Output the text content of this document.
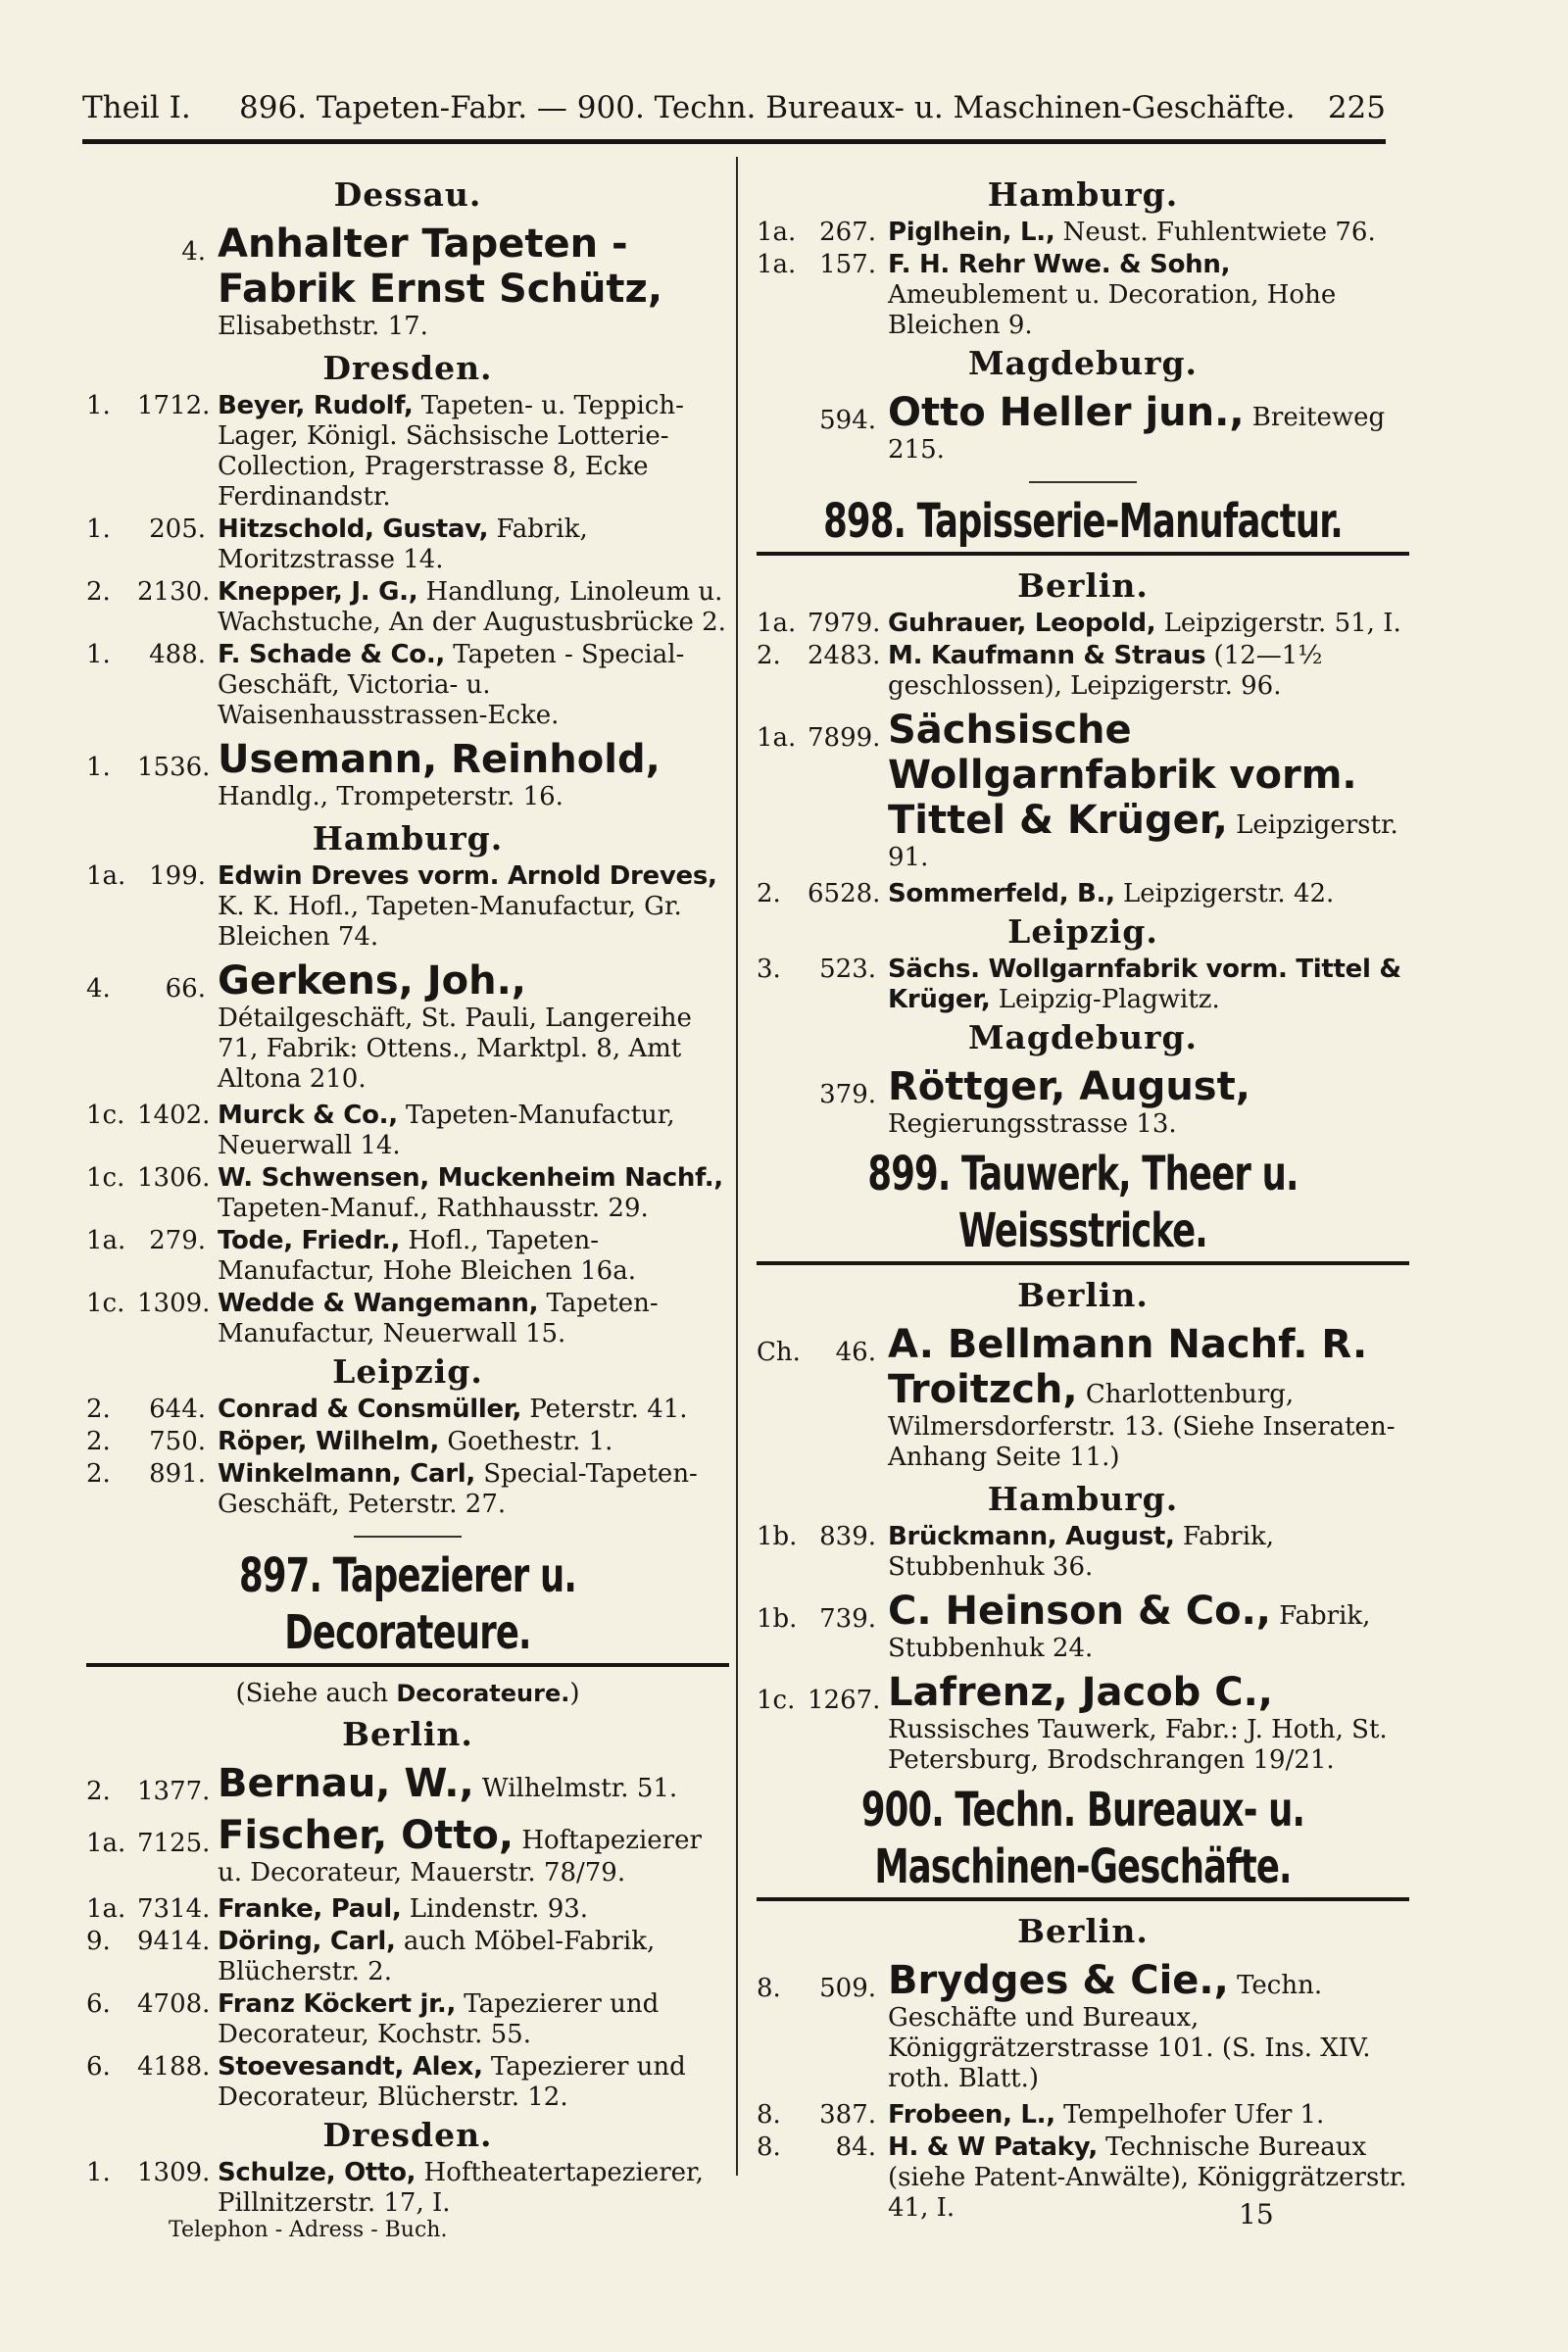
Theil I. 896. Tapeten-Fabr. — 900. Techn. Bureaux- u. Maschinen-Geschäfte. 225
Dessau.
4. Anhalter Tapeten - Fabrik Ernst Schütz, Elisabethstr. 17.
Dresden.
1.	1712. Beyer, Rudolf, Tapeten- u. Teppich-Lager, Königl. Sächsische Lotterie-Collection, Pragerstrasse 8, Ecke Ferdinandstr.
1.	205. Hitzschold, Gustav, Fabrik, Moritzstrasse 14.
2.	2130. Knepper, J. G., Handlung, Linoleum u. Wachstuche, An der Augustusbrücke 2.
1.	488. F. Schade & Co., Tapeten - Special-Geschäft, Victoria- u. Waisenhausstrassen-Ecke.
1.	1536. Usemann, Reinhold, Handlg., Trompeterstr. 16.
Hamburg.
1a. 199. Edwin Dreves vorm. Arnold Dreves, K. K. Hofl., Tapeten-Manufactur, Gr. Bleichen 74.
4.	66. Gerkens, Joh., Détailgeschäft, St. Pauli, Langereihe 71, Fabrik: Ottens., Marktpl. 8, Amt Altona 210.
1c. 1402. Murck & Co., Tapeten-Manufactur, Neuerwall 14.
1c. 1306. W. Schwensen, Muckenheim Nachf., Tapeten-Manuf., Rathhausstr. 29.
1a. 279. Tode, Friedr., Hofl., Tapeten-Manufactur, Hohe Bleichen 16a.
1c. 1309. Wedde & Wangemann, Tapeten-Manufactur, Neuerwall 15.
Leipzig.
2.	644. Conrad & Consmüller, Peterstr. 41.
2.	750. Röper, Wilhelm, Goethestr. 1.
2.	891. Winkelmann, Carl, Special-Tapeten-Geschäft, Peterstr. 27.
897. Tapezierer u. Decorateure.
(Siehe auch Decorateure.)
Berlin.
2.	1377. Bernau, W., Wilhelmstr. 51.
1a. 7125. Fischer, Otto, Hoftapezierer u. Decorateur, Mauerstr. 78/79.
1a. 7314. Franke, Paul, Lindenstr. 93.
9.	9414. Döring, Carl, auch Möbel-Fabrik, Blücherstr. 2.
6.	4708. Franz Köckert jr., Tapezierer und Decorateur, Kochstr. 55.
6.	4188. Stoevesandt, Alex, Tapezierer und Decorateur, Blücherstr. 12.
Dresden.
1.	1309. Schulze, Otto, Hoftheatertapezierer, Pillnitzerstr. 17, I.
Hamburg.
1a. 267. Piglhein, L., Neust. Fuhlentwiete 76.
1a. 157. F. H. Rehr Wwe. & Sohn, Ameublement u. Decoration, Hohe Bleichen 9.
Magdeburg.
594. Otto Heller jun., Breiteweg 215.
898. Tapisserie-Manufactur.
Berlin.
1a. 7979. Guhrauer, Leopold, Leipzigerstr. 51, I.
2.	2483. M. Kaufmann & Straus (12—1½ geschlossen), Leipzigerstr. 96.
1a. 7899. Sächsische Wollgarnfabrik vorm. Tittel & Krüger, Leipzigerstr. 91.
2.	6528. Sommerfeld, B., Leipzigerstr. 42.
Leipzig.
3.	523. Sächs. Wollgarnfabrik vorm. Tittel & Krüger, Leipzig-Plagwitz.
Magdeburg.
379. Röttger, August, Regierungsstrasse 13.
899. Tauwerk, Theer u. Weissstricke.
Berlin.
Ch.	46. A. Bellmann Nachf. R. Troitzch, Charlottenburg, Wilmersdorferstr. 13. (Siehe Inseraten-Anhang Seite 11.)
Hamburg.
1b. 839. Brückmann, August, Fabrik, Stubbenhuk 36.
1b. 739. C. Heinson & Co., Fabrik, Stubbenhuk 24.
1c. 1267. Lafrenz, Jacob C., Russisches Tauwerk, Fabr.: J. Hoth, St. Petersburg, Brodschrangen 19/21.
900. Techn. Bureaux- u. Maschinen-Geschäfte.
Berlin.
8.	509. Brydges & Cie., Techn. Geschäfte und Bureaux, Königgrätzerstrasse 101. (S. Ins. XIV. roth. Blatt.)
8.	387. Frobeen, L., Tempelhofer Ufer 1.
8.	84. H. & W Pataky, Technische Bureaux (siehe Patent-Anwälte), Königgrätzerstr. 41, I.
Telephon - Adress - Buch.	15
